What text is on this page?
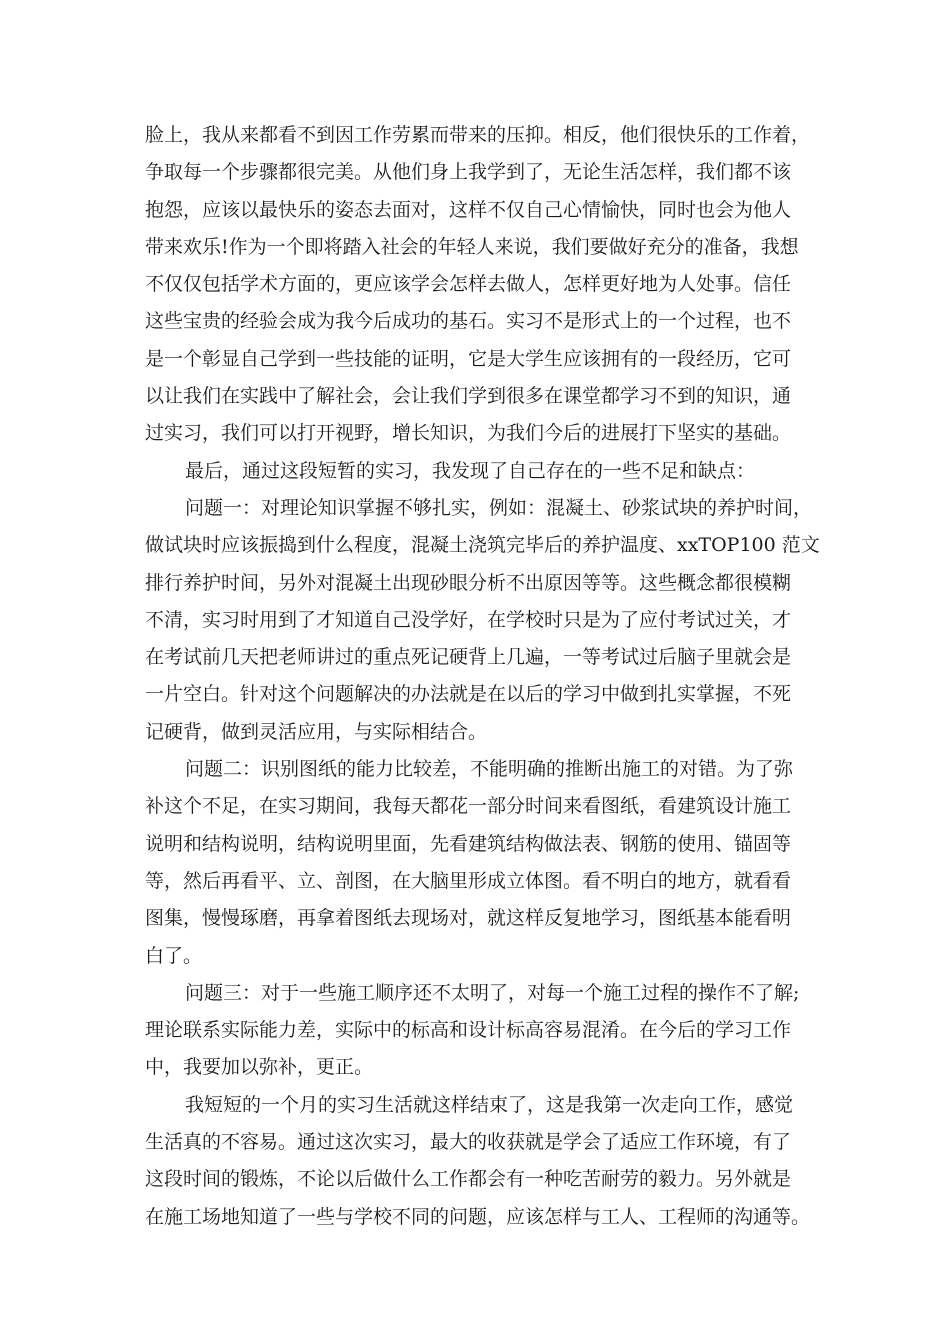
脸上，我从来都看不到因工作劳累而带来的压抑。相反，他们很快乐的工作着，
争取每一个步骤都很完美。从他们身上我学到了，无论生活怎样，我们都不该
抱怨，应该以最快乐的姿态去面对，这样不仅自己心情愉快，同时也会为他人
带来欢乐!作为一个即将踏入社会的年轻人来说，我们要做好充分的准备，我想
不仅仅包括学术方面的，更应该学会怎样去做人，怎样更好地为人处事。信任
这些宝贵的经验会成为我今后成功的基石。实习不是形式上的一个过程，也不
是一个彰显自己学到一些技能的证明，它是大学生应该拥有的一段经历，它可
以让我们在实践中了解社会，会让我们学到很多在课堂都学习不到的知识，通
过实习，我们可以打开视野，增长知识，为我们今后的进展打下坚实的基础。
最后，通过这段短暂的实习，我发现了自己存在的一些不足和缺点：
问题一：对理论知识掌握不够扎实，例如：混凝土、砂浆试块的养护时间，
做试块时应该振捣到什么程度，混凝土浇筑完毕后的养护温度、xxTOP100 范文
排行养护时间，另外对混凝土出现砂眼分析不出原因等等。这些概念都很模糊
不清，实习时用到了才知道自己没学好，在学校时只是为了应付考试过关，才
在考试前几天把老师讲过的重点死记硬背上几遍，一等考试过后脑子里就会是
一片空白。针对这个问题解决的办法就是在以后的学习中做到扎实掌握，不死
记硬背，做到灵活应用，与实际相结合。
问题二：识别图纸的能力比较差，不能明确的推断出施工的对错。为了弥
补这个不足，在实习期间，我每天都花一部分时间来看图纸，看建筑设计施工
说明和结构说明，结构说明里面，先看建筑结构做法表、钢筋的使用、锚固等
等，然后再看平、立、剖图，在大脑里形成立体图。看不明白的地方，就看看
图集，慢慢琢磨，再拿着图纸去现场对，就这样反复地学习，图纸基本能看明
白了。
问题三：对于一些施工顺序还不太明了，对每一个施工过程的操作不了解;
理论联系实际能力差，实际中的标高和设计标高容易混淆。在今后的学习工作
中，我要加以弥补，更正。
我短短的一个月的实习生活就这样结束了，这是我第一次走向工作，感觉
生活真的不容易。通过这次实习，最大的收获就是学会了适应工作环境，有了
这段时间的锻炼，不论以后做什么工作都会有一种吃苦耐劳的毅力。另外就是
在施工场地知道了一些与学校不同的问题，应该怎样与工人、工程师的沟通等。
